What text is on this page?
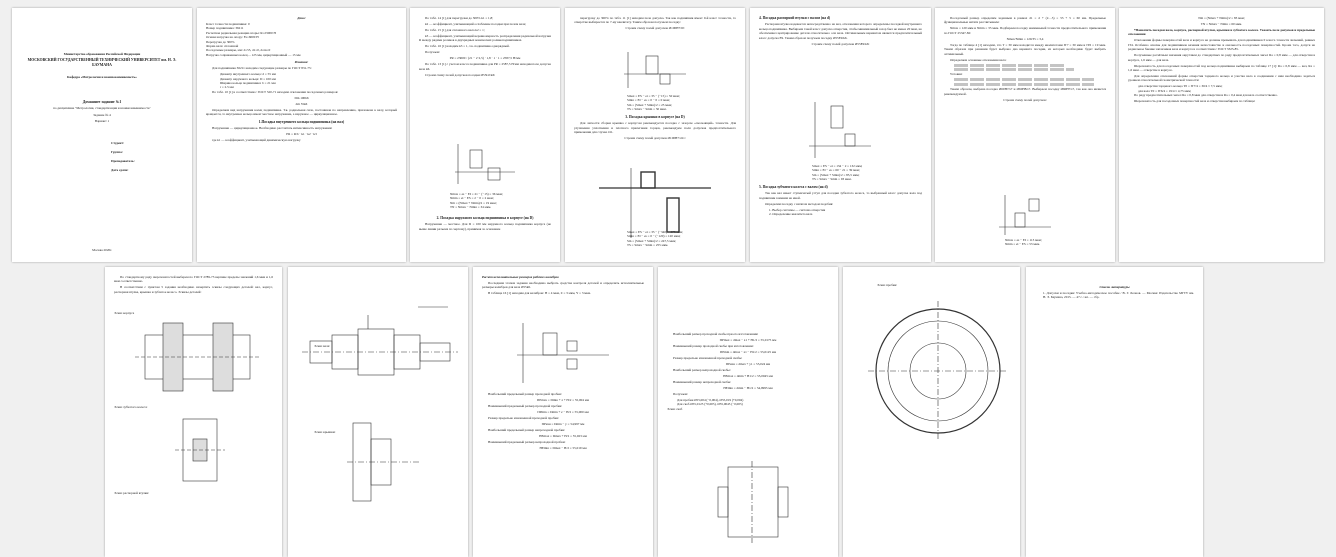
Министерство образования Российской Федерации

МОСКОВСКИЙ ГОСУДАРСТВЕННЫЙ ТЕХНИЧЕСКИЙ УНИВЕРСИТЕТ им. Н. Э. БАУМАНА

Кафедра «Метрология и взаимозаменяемость»

Домашнее задание №1

по дисциплине "Метрология, стандартизация и взаимозаменяемость"

Задание № 4

Вариант 1

Студент:
Группа:
Преподаватель:
Дата сдачи:

Москва 2020г.

Дано:

Класс точности подшипника: 0
Номер подшипника: 36211
Расчетная радиальная реакция опоры: R=23000 Н
Осевая нагрузка на опору: Fa=6000 Н
Перегрузка до 300%
Форма вала: сплошной
Посадочные размеры, мм: d=55, d1=0, dотв=0
Нагрузка сопряженных колец ... 125 мм, циркуляционный — 15 мм

Решение:

Для подшипника 36211 находим следующие размеры по ГОСТ 831-75:

Диаметр внутреннего кольца: d = 55 мм
Диаметр наружного кольца: D = 100 мм
Ширина кольца подшипника: b = 21 мм
r = 2.5 мм

По табл. 10 [1] в соответствии с ГОСТ 520-71 находим отклонения посадочных размеров:

Dm 100h6

dm 55k6

Определяем вид нагружения колец подшипника. Т.к. радиальная сила, постоянная по направлению, приложена к валу, который вращается, то внутреннее кольцо имеет местное нагружение, а наружное — циркуляционное.

1.Посадка внутреннего кольца подшипника (на вал)

Нагружение — циркуляционное. Необходимо рассчитать интенсивность нагружения:

PR = R/b · k1 · k2 · k3

где k1 — коэффициент, учитывающий динамическую нагрузку

По табл. 14 [1] для перегрузки до 300% k1 = 1,8;

k2 — коэффициент, учитывающий ослабление посадки при полом вале;

По табл. 15 [1] для сплошного вала k2 = 1;

k3 — коэффициент, учитывающий неравномерность распределения радиальной нагрузки R между рядами роликов в двухрядных конических роликоподшипниках.

По табл. 16 [1] находим k3 = 1, т.к. подшипник однорядный.

Получаем:

PR = 23000 / (21 − 2·2,5) · 1,8 · 1 · 1 = 2587,5 Н/мм

По табл. 13 [1] с учетом класса подшипника для PR = 2587,5 Н/мм находим поле допуска вала k6.

Строим схему полей допусков посадки Ø55L0/k6:

Nmax = es − EI = 21 − (−15) = 36 мкм;
Nmin = ei − ES = 2 − 0 = 2 мкм;
Nm = (Nmax + Nmin)/2 = 19 мкм;
TN = Nmax − Nmin = 34 мкм.

2. Посадка наружного кольца подшипника в корпусе (на D)

Нагружение — местное. Для D = 100 мм наружного кольца подшипника корпуса (не выше линии разъема по чертежу), принимая за основание

перегрузку до 300% по табл. 11 [1] находим поле допуска. Так как подшипник имеет 0-й класс точности, то отверстие выбирается по 7-му квалитету. Таким образом получаем посадку:

Строим схему полей допусков Ø100H7/l0:

Smax = ES − ei = 35 − (−15) = 50 мкм;
Smin = EI − es = 0 − 0 = 0 мкм;
Sm = (Smax + Smin)/2 = 25 мкм;
TS = Smax − Smin = 50 мкм.

3. Посадка крышки в корпусе (на D)

Для легкости сборки крышка с корпусом рекомендуется посадка с зазором «скользящей» точности. Для улучшения уплотнения и плотного прилегания торцов, рекомендуем поля допусков предпочтительного применения для случая d11.

Строим схему полей допусков Ø100H7/d11:

Smax = ES − ei = 35 − (−340) = 375 мкм;
Smin = EI − es = 0 − (−120) = 120 мкм;
Sm = (Smax + Smin)/2 = 247,5 мкм;
TS = Smax − Smin = 255 мкм.

4. Посадка распорной втулки с валом (на d)

Распорная втулка надевается непосредственно на вал, отклонения которого определены посадкой внутреннего кольца подшипника. Выбираем такой класс допуска отверстия, чтобы минимальный зазор был не менее 20 мкм, но обеспечивал центрирование детали относительно оси вала. Оптимальным вариантом является предпочтительный класс допуска E9. Таким образом получаем посадку Ø55E9/k6.

Строим схему полей допусков Ø55E9/k6:

Smax = ES − ei = 134 − 2 = 132 мкм;
Smin = EI − es = 60 − 21 = 39 мкм;
Sm = (Smax + Smin)/2 = 85,5 мкм;
TS = Smax − Smin = 93 мкм.

5. Посадка зубчатого колеса с валом (на d)

Так как вал имеет ступенчатый уступ для посадки зубчатого колеса, то выбранный класс допуска вала под подшипник заменим на иной.

Определим посадку с натягом методом подобия:

1. Выбор системы — система отверстия
2. Определение квалитета вала

Посадочный размер определим заданным в рамках d1 = d + (2…5) = 55 + 5 = 60 мм. Предельные функциональные натяги рассчитываем:

Nmax = 120 мкм и Nmin = 35 мкм. Подбираем посадку наименьшей точности предпочтительного применения по ГОСТ 25347-82:

Nmax/Nmin = 120/35 = 3,4

Тогда по таблице 4 [1] находим, что T = 30 мкм находится между квалитетами IT7 = 30 мкм и IT6 = 19 мкм. Таким образом при решении будет выбрано два варианта посадки, из которых необходимо будет выбрать оптимальный.

Определяем основные отклонения вала:

Условия:

Таким образом, выбрана посадка Ø60H7/s7 и Ø60H8/s7. Выбираем посадку Ø60H7/s7, так как она является рекомендуемой.

Строим схему полей допусков:

Nmax = es − EI = 113 мкм;
Nmin = ei − ES = 53 мкм.

Nm = (Nmax + Nmin)/2 = 83 мкм;

TN = Nmax − Nmin = 60 мкм.

*Назначить посадки вала, корпуса, распорной втулки, крышки и зубчатого колеса. Указать поле допусков и предельные отклонения

Отклонения формы поверхностей вала и корпуса не должны превышать для подшипников 0 класса точности значений, равных IT4. Особенно опасны для подшипников качения непостоянство и овальность посадочных поверхностей. Кроме того, допуск на радиальное биение заплечиков вала и корпуса в соответствии с ГОСТ 3325-85.

Полученные расчётным значения округляем до стандартных по ряду предпочтительных чисел Ra = 0,8 мкм — для отверстия в корпусе, 1,6 мкм — для вала.

Шероховатость для посадочных поверхностей под кольца подшипника выбираем по таблице 17 [1]: Ra = 0,8 мкм — вал, Ra = 1,6 мкм — отверстие в корпусе.

Для определения отклонений формы отверстия торцевого кольца и участка вала в соединении с ним необходимо задаться уровнем относительной геометрической точности:

для отверстия торцевого кольца T0 = IT7/4 = 30/4 ≈ 7,5 мкм;
для вала T0 = IT6/4 = 19/4 ≈ 4,75 мкм;

По ряду предпочтительных чисел Ra = 0,8 мкм для отверстия и Ra = 0,4 мкм для вала соответственно.

Шероховатость для посадочных поверхностей вала и отверстия выбираем по таблице:

По стандартному ряду шероховатостей выберем по ГОСТ 2789-73 верхние пределы значений 1,6 мкм и 1,6 мкм соответственно.

В соответствии с пунктом 5 задания необходимо начертить эскизы следующих деталей: вал, корпус, распорная втулка, крышка и зубчатое колесо. Эскизы деталей:

Эскиз корпуса
Эскиз зубчатого колеса:
Эскиз распорной втулки:
Эскиз вала:
Эскиз крышки:

Расчет исполнительных размеров рабочих калибров

Последним этапом задания необходимо выбрать средства контроля деталей и определить исполнительные размеры калибров для вала Ø55k6.

В таблице 16 [1] находим для калибров: H = 4 мкм, Z = 3 мкм, Y = 3 мкм.

Наибольший предельный размер проходной пробки:

ПРmax = Dmin + z + H/2 = 55,004 мм

Наименьший предельный размер проходной пробки:

ПРmin = Dmin + z − H/2 = 55,000 мм

Размер предельно изношенной проходной пробки:

ПРизн = Dmin − y = 54,997 мм

Наибольший предельный размер непроходной пробки:

НЕmax = Dmax + H/2 = 55,023 мм

Наименьший предельный размер непроходной пробки:

НЕmin = Dmax − H/2 = 55,019 мм

Наибольший размер проходной скобы при его изготовлении:

ПРmax = dmax − z1 + H1/2 = 55,0175 мм

Наименьший размер проходной скобы при изготовлении:

ПРmin = dmax − z1 − H1/2 = 55,0125 мм

Размер предельно изношенной проходной скобы:

ПРизн = dmax + y1 = 55,024 мм

Наибольший размер непроходной скобы:

НЕmax = dmin + H1/2 = 55,0045 мм

Наименьший размер непроходной скобы:

НЕmin = dmin − H1/2 = 54,9995 мм

Получаем:

Для пробки Ø55,004 (−0,004), Ø55,019 (+0,004)
Для скоб Ø55,0125 (+0,005), Ø55,0045 (−0,005)
Эскиз скоб
Эскиз пробки:	Список литературы

1. Допуски и посадки: Учебно-методическое пособие / В. Г. Леонов. — Москва: Издательство МГТУ им. Н. Э. Баумана, 2015. — 47 с.: ил. — сбр.
